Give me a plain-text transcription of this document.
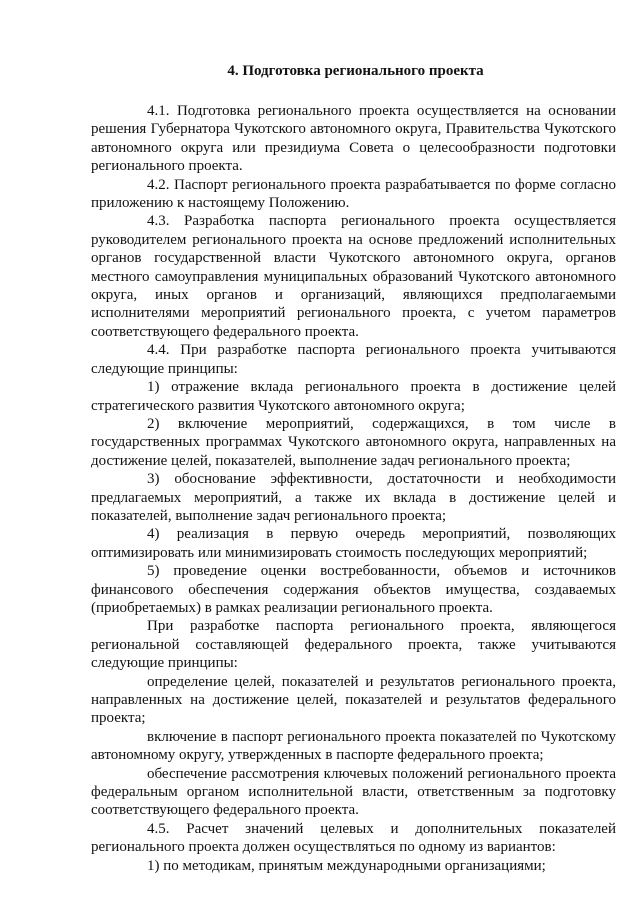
4. Подготовка регионального проекта

4.1. Подготовка регионального проекта осуществляется на основании решения Губернатора Чукотского автономного округа, Правительства Чукотского автономного округа или президиума Совета о целесообразности подготовки регионального проекта.

4.2. Паспорт регионального проекта разрабатывается по форме согласно приложению к настоящему Положению.

4.3. Разработка паспорта регионального проекта осуществляется руководителем регионального проекта на основе предложений исполнительных органов государственной власти Чукотского автономного округа, органов местного самоуправления муниципальных образований Чукотского автономного округа, иных органов и организаций, являющихся предполагаемыми исполнителями мероприятий регионального проекта, с учетом параметров соответствующего федерального проекта.

4.4. При разработке паспорта регионального проекта учитываются следующие принципы:

1) отражение вклада регионального проекта в достижение целей стратегического развития Чукотского автономного округа;

2) включение мероприятий, содержащихся, в том числе в государственных программах Чукотского автономного округа, направленных на достижение целей, показателей, выполнение задач регионального проекта;

3) обоснование эффективности, достаточности и необходимости предлагаемых мероприятий, а также их вклада в достижение целей и показателей, выполнение задач регионального проекта;

4) реализация в первую очередь мероприятий, позволяющих оптимизировать или минимизировать стоимость последующих мероприятий;

5) проведение оценки востребованности, объемов и источников финансового обеспечения содержания объектов имущества, создаваемых (приобретаемых) в рамках реализации регионального проекта.

При разработке паспорта регионального проекта, являющегося региональной составляющей федерального проекта, также учитываются следующие принципы:

определение целей, показателей и результатов регионального проекта, направленных на достижение целей, показателей и результатов федерального проекта;

включение в паспорт регионального проекта показателей по Чукотскому автономному округу, утвержденных в паспорте федерального проекта;

обеспечение рассмотрения ключевых положений регионального проекта федеральным органом исполнительной власти, ответственным за подготовку соответствующего федерального проекта.

4.5. Расчет значений целевых и дополнительных показателей регионального проекта должен осуществляться по одному из вариантов:

1) по методикам, принятым международными организациями;
